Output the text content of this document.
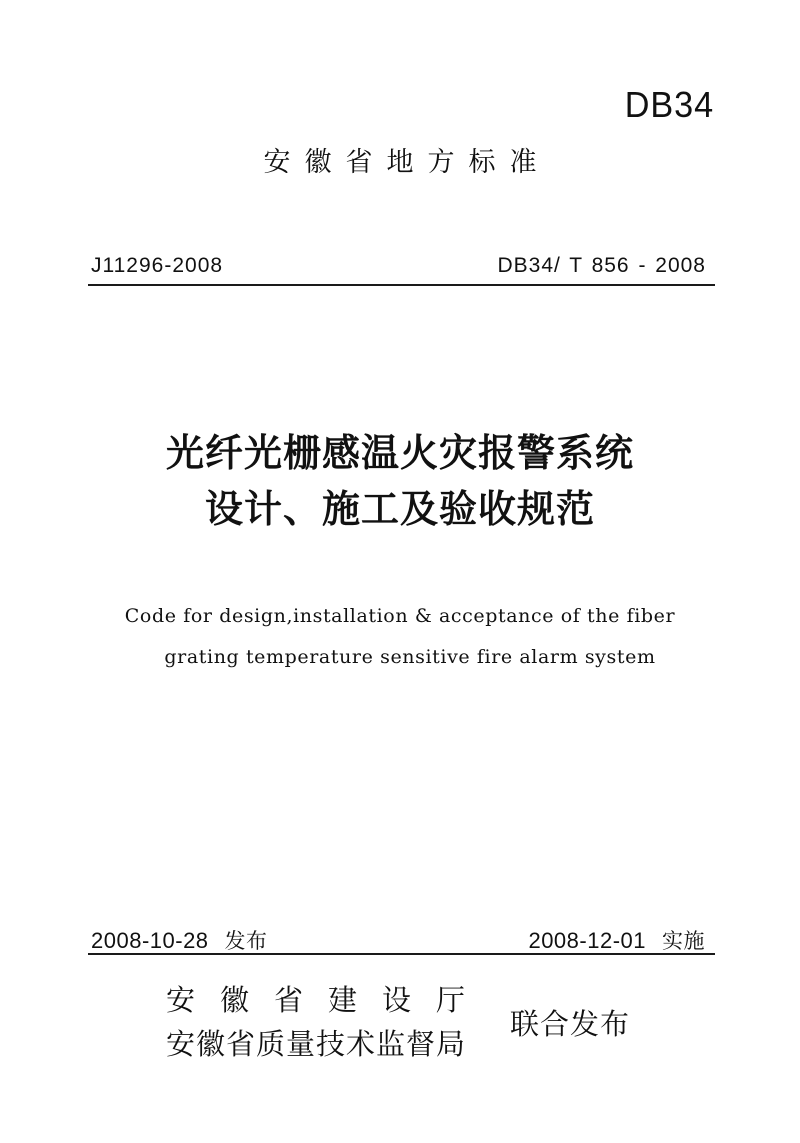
DB34
安徽省地方标准
J11296-2008	DB34/ T 856 - 2008
光纤光栅感温火灾报警系统
设计、施工及验收规范
Code for design,installation & acceptance of the fiber
grating temperature sensitive fire alarm system
2008-10-28 发布	2008-12-01 实施
安徽省建设厅
安徽省质量技术监督局
联合发布
